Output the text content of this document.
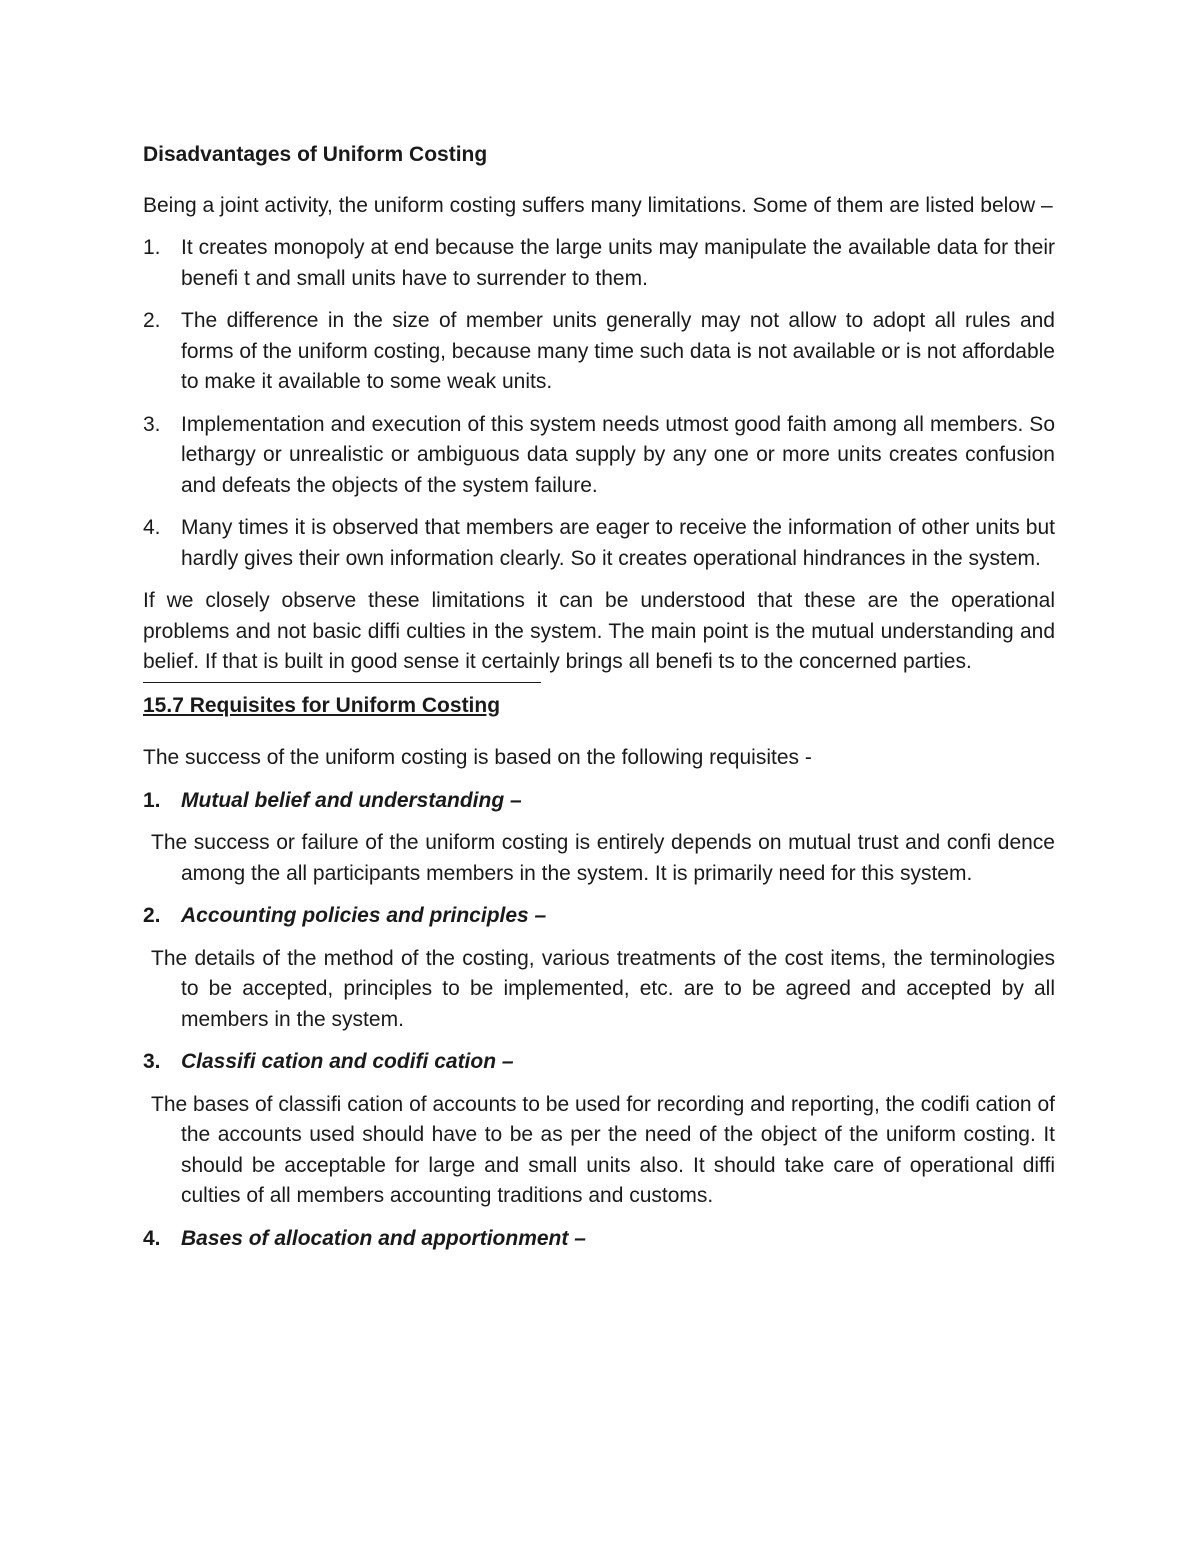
Disadvantages of Uniform Costing
Being a joint activity, the uniform costing suffers many limitations. Some of them are listed below –
1. It creates monopoly at end because the large units may manipulate the available data for their benefi t and small units have to surrender to them.
2. The difference in the size of member units generally may not allow to adopt all rules and forms of the uniform costing, because many time such data is not available or is not affordable to make it available to some weak units.
3. Implementation and execution of this system needs utmost good faith among all members. So lethargy or unrealistic or ambiguous data supply by any one or more units creates confusion and defeats the objects of the system failure.
4. Many times it is observed that members are eager to receive the information of other units but hardly gives their own information clearly. So it creates operational hindrances in the system.
If we closely observe these limitations it can be understood that these are the operational problems and not basic diffi culties in the system. The main point is the mutual understanding and belief. If that is built in good sense it certainly brings all benefi ts to the concerned parties.
15.7 Requisites for Uniform Costing
The success of the uniform costing is based on the following requisites -
1. Mutual belief and understanding –
The success or failure of the uniform costing is entirely depends on mutual trust and confi dence among the all participants members in the system. It is primarily need for this system.
2. Accounting policies and principles –
The details of the method of the costing, various treatments of the cost items, the terminologies to be accepted, principles to be implemented, etc. are to be agreed and accepted by all members in the system.
3. Classifi cation and codifi cation –
The bases of classifi cation of accounts to be used for recording and reporting, the codifi cation of the accounts used should have to be as per the need of the object of the uniform costing. It should be acceptable for large and small units also. It should take care of operational diffi culties of all members accounting traditions and customs.
4. Bases of allocation and apportionment –
